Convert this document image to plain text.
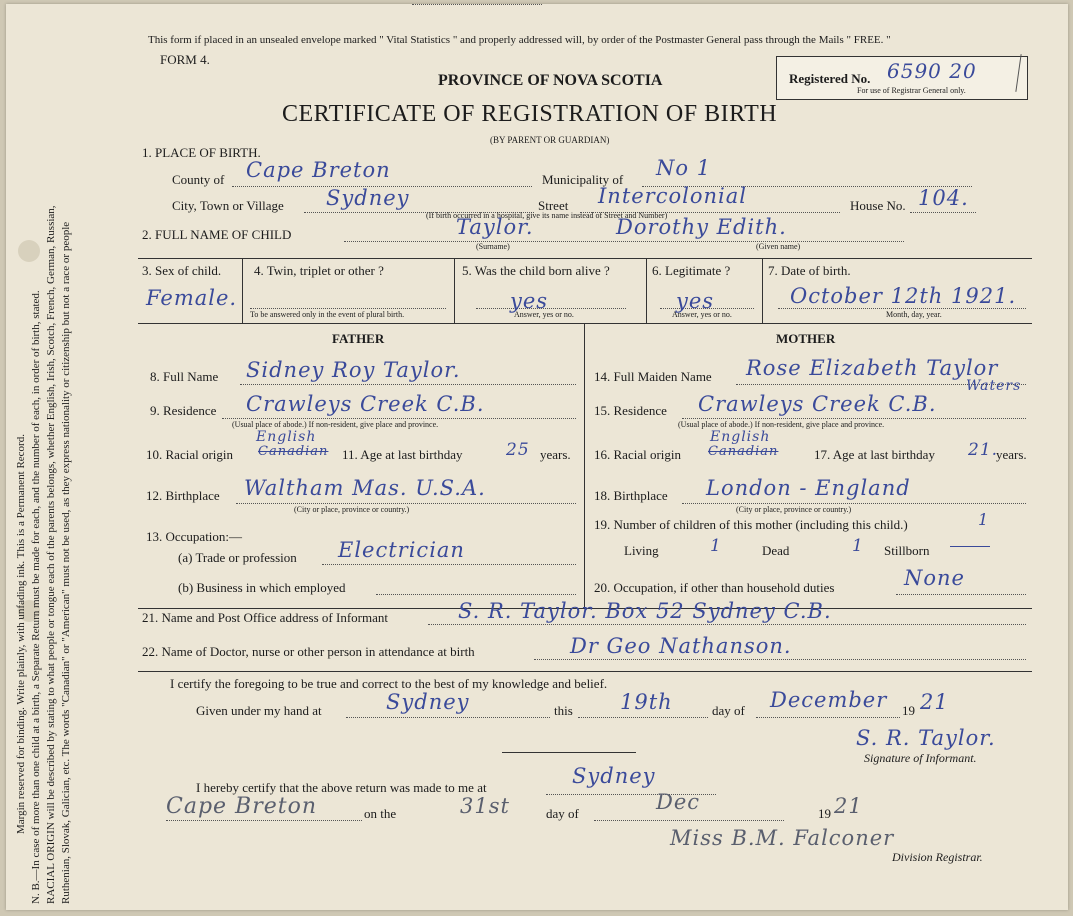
Margin reserved for binding. Write plainly, with unfading ink. This is a Permanent Record. N. B.—In case of more than one child at a birth, a Separate Return must be made for each, and the number of each, in order of birth, stated. RACIAL ORIGIN will be described by stating to what people or tongue each of the parents belongs, whether English, Irish, Scotch, French, German, Russian, Ruthenian, Slovak, Galician, etc. The words "Canadian" or "American" must not be used, as they express nationality or citizenship but not a race or people
This form if placed in an unsealed envelope marked " Vital Statistics " and properly addressed will, by order of the Postmaster General pass through the Mails " FREE. "
FORM 4.
PROVINCE OF NOVA SCOTIA
CERTIFICATE OF REGISTRATION OF BIRTH
(BY PARENT OR GUARDIAN)
Registered No. 6590 20
For use of Registrar General only.
1. PLACE OF BIRTH.
County of Cape Breton	Municipality of No 1
City, Town or Village Sydney	Street Intercolonial	House No. 104.
(If birth occurred in a hospital, give its name instead of Street and Number)
2. FULL NAME OF CHILD	Taylor.	Dorothy Edith.
(Surname)	(Given name)
3. Sex of child.
Female.
4. Twin, triplet or other ?
To be answered only in the event of plural birth.
5. Was the child born alive ?
yes
Answer, yes or no.
6. Legitimate ?
yes
Answer, yes or no.
7. Date of birth.
October 12th 1921.
Month, day, year.
FATHER	MOTHER
8. Full Name Sidney Roy Taylor.
9. Residence Crawleys Creek C.B.
(Usual place of abode.) If non-resident, give place and province.
10. Racial origin
English
Canadian 11. Age at last birthday	25 years.
12. Birthplace Waltham Mas. U.S.A.
(City or place, province or country.)
13. Occupation:—
(a) Trade or profession Electrician
(b) Business in which employed
14. Full Maiden Name Rose Elizabeth Taylor
Waters
15. Residence Crawleys Creek C.B.
(Usual place of abode.) If non-resident, give place and province.
16. Racial origin
English
Canadian	17. Age at last birthday 21.
years.
18. Birthplace London - England
(City or place, province or country.)
19. Number of children of this mother (including this child.)	1
Living	1	Dead	1 Stillborn
20. Occupation, if other than household duties	None
21. Name and Post Office address of Informant	S. R. Taylor. Box 52 Sydney C.B.
22. Name of Doctor, nurse or other person in attendance at birth	Dr Geo Nathanson.
I certify the foregoing to be true and correct to the best of my knowledge and belief.
Given under my hand at	Sydney	this 19th	day of December 19 21
S. R. Taylor.
Signature of Informant.
I hereby certify that the above return was made to me at	Sydney
Cape Breton	on the	31st	day of	Dec	19 21
Miss B.M. Falconer
Division Registrar.
